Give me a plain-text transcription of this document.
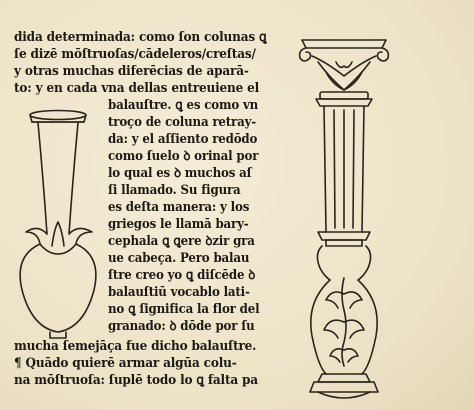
dida determinada: como ſon colunas ꝗ
ſe dizē mōſtruoſas/cādeleros/creſtas/
y otras muchas diferēcias de aparā-
to: y en cada vna dellas entreuiene el
balauſtre. ꝗ es como vn
troço de coluna retray-
da: y el aſſiento redōdo
como ſuelo ꝺ orinal por
lo qual es ꝺ muchos aſ
ſi llamado. Su figura
es deſta manera: y los
griegos le llamā bary-
cephala ꝗ ꝗere ꝺzir gra
ue cabeça. Pero balau
ſtre creo yo ꝗ diſcēde ꝺ
balauſtiū vocablo lati-
no ꝗ ſignifica la flor del
granado: ꝺ dōde por ſu
mucha ſemejāça fue dicho balauſtre.
¶ Quādo quierē armar algūa colu-
na mōſtruoſa: ſuplē todo lo ꝗ falta pa
